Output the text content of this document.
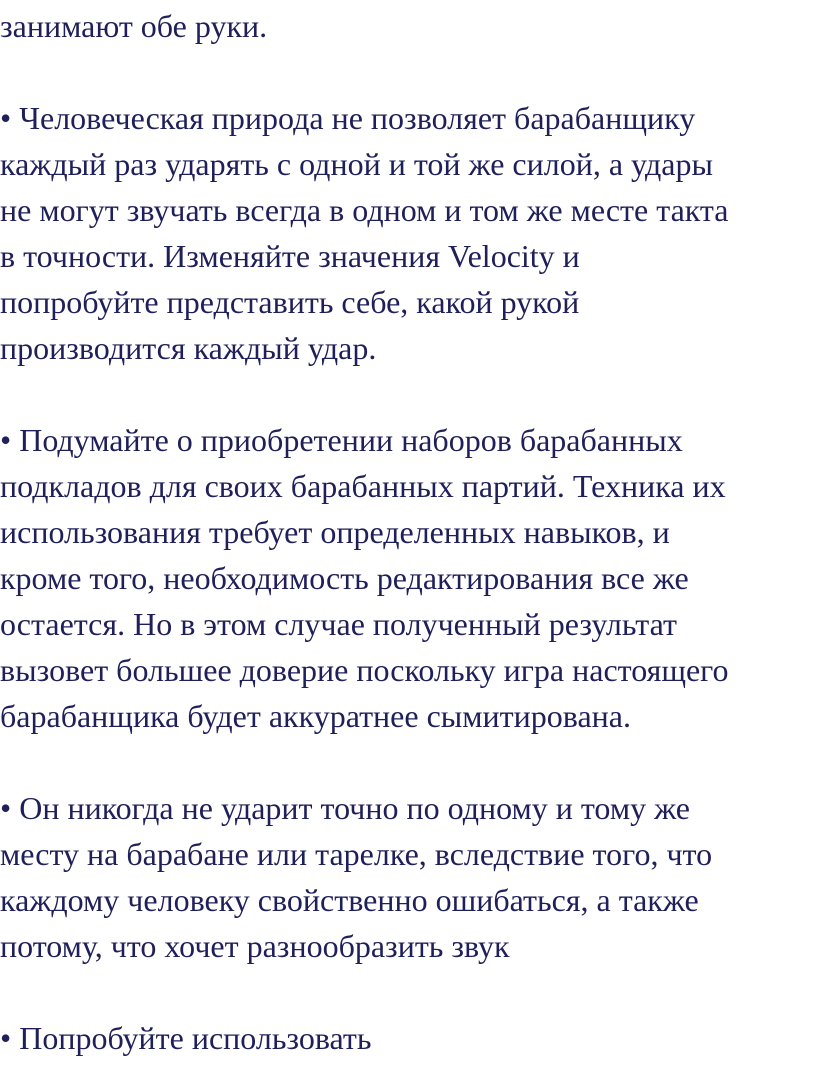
занимают обе руки.
• Человеческая природа не позволяет барабанщику
каждый раз ударять с одной и той же силой, а удары
не могут звучать всегда в одном и том же месте такта
в точности. Изменяйте значения Velocity и
попробуйте представить себе, какой рукой
производится каждый удар.
• Подумайте о приобретении наборов барабанных
подкладов для своих барабанных партий. Техника их
использования требует определенных навыков, и
кроме того, необходимость редактирования все же
остается. Но в этом случае полученный результат
вызовет большее доверие поскольку игра настоящего
барабанщика будет аккуратнее сымитирована.
• Он никогда не ударит точно по одному и тому же
месту на барабане или тарелке, вследствие того, что
каждому человеку свойственно ошибаться, а также
потому, что хочет разнообразить звук
• Попробуйте использовать
